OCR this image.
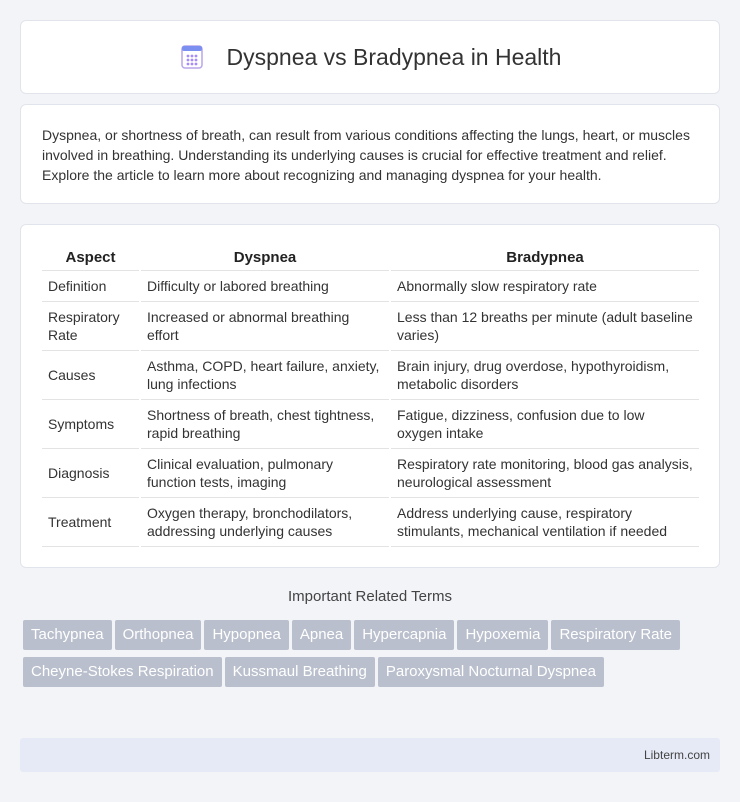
Dyspnea vs Bradypnea in Health

Dyspnea, or shortness of breath, can result from various conditions affecting the lungs, heart, or muscles involved in breathing. Understanding its underlying causes is crucial for effective treatment and relief. Explore the article to learn more about recognizing and managing dyspnea for your health.

Aspect	Dyspnea	Bradypnea
Definition	Difficulty or labored breathing	Abnormally slow respiratory rate
Respiratory Rate	Increased or abnormal breathing effort	Less than 12 breaths per minute (adult baseline varies)
Causes	Asthma, COPD, heart failure, anxiety, lung infections	Brain injury, drug overdose, hypothyroidism, metabolic disorders
Symptoms	Shortness of breath, chest tightness, rapid breathing	Fatigue, dizziness, confusion due to low oxygen intake
Diagnosis	Clinical evaluation, pulmonary function tests, imaging	Respiratory rate monitoring, blood gas analysis, neurological assessment
Treatment	Oxygen therapy, bronchodilators, addressing underlying causes	Address underlying cause, respiratory stimulants, mechanical ventilation if needed
Important Related Terms
Tachypnea	Orthopnea	Hypopnea	Apnea	Hypercapnia	Hypoxemia	Respiratory Rate
Cheyne-Stokes Respiration	Kussmaul Breathing	Paroxysmal Nocturnal Dyspnea
Libterm.com
